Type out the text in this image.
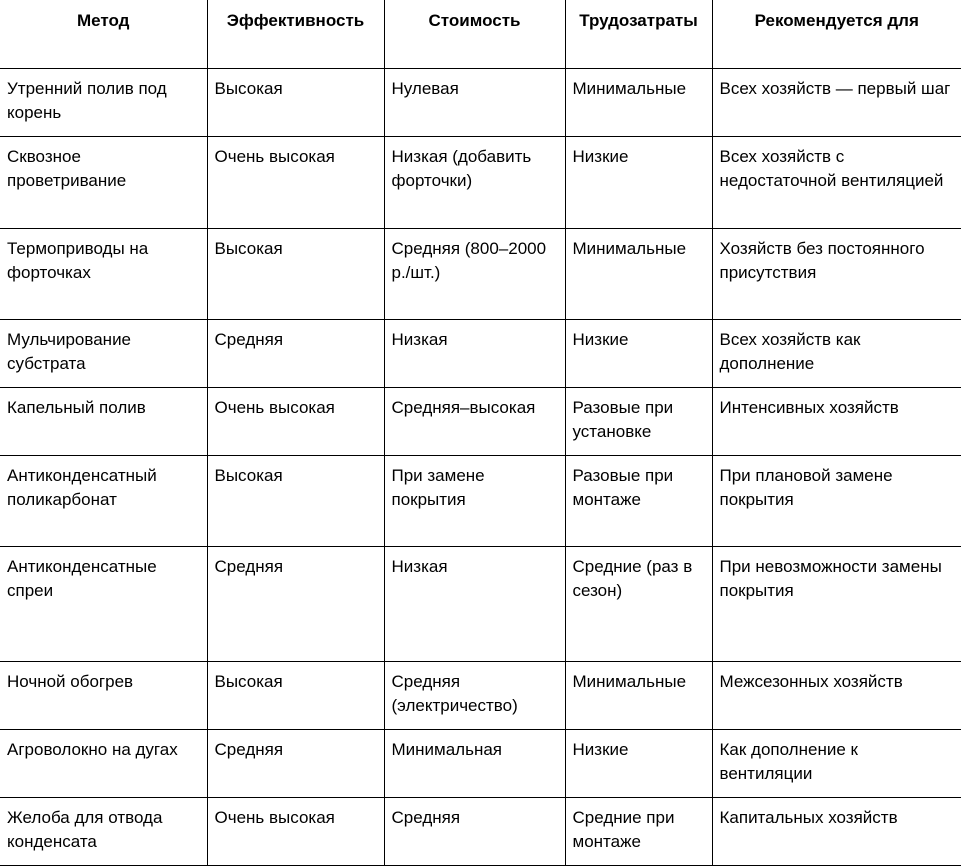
Метод	Эффективность	Стоимость	Трудозатраты	Рекомендуется для
Утренний полив под корень	Высокая	Нулевая	Минимальные	Всех хозяйств — первый шаг
Сквозное проветривание	Очень высокая	Низкая (добавить форточки)	Низкие	Всех хозяйств с недостаточной вентиляцией
Термоприводы на форточках	Высокая	Средняя (800–2000 р./шт.)	Минимальные	Хозяйств без постоянного присутствия
Мульчирование субстрата	Средняя	Низкая	Низкие	Всех хозяйств как дополнение
Капельный полив	Очень высокая	Средняя–высокая	Разовые при установке	Интенсивных хозяйств
Антиконденсатный поликарбонат	Высокая	При замене покрытия	Разовые при монтаже	При плановой замене покрытия
Антиконденсатные спреи	Средняя	Низкая	Средние (раз в сезон)	При невозможности замены покрытия
Ночной обогрев	Высокая	Средняя (электричество)	Минимальные	Межсезонных хозяйств
Агроволокно на дугах	Средняя	Минимальная	Низкие	Как дополнение к вентиляции
Желоба для отвода конденсата	Очень высокая	Средняя	Средние при монтаже	Капитальных хозяйств
